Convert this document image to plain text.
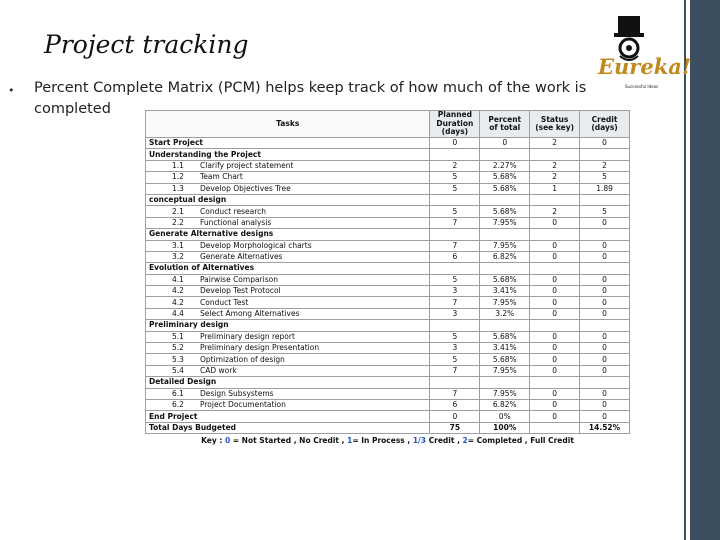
Project tracking
• Percent Complete Matrix (PCM) helps keep track of how much of the work is completed
Eureka!
Successful Ideas
Tasks	Planned Duration (days)	Percent of total	Status (see key)	Credit (days)
Start Project	0	0	2	0
Understanding the Project				
1.1 Clarify project statement	2	2.27%	2	2
1.2 Team Chart	5	5.68%	2	5
1.3 Develop Objectives Tree	5	5.68%	1	1.89
conceptual design				
2.1 Conduct research	5	5.68%	2	5
2.2 Functional analysis	7	7.95%	0	0
Generate Alternative designs				
3.1 Develop Morphological charts	7	7.95%	0	0
3.2 Generate Alternatives	6	6.82%	0	0
Evolution of Alternatives				
4.1 Pairwise Comparison	5	5.68%	0	0
4.2 Develop Test Protocol	3	3.41%	0	0
4.2 Conduct Test	7	7.95%	0	0
4.4 Select Among Alternatives	3	3.2%	0	0
Preliminary design				
5.1 Preliminary design report	5	5.68%	0	0
5.2 Preliminary design Presentation	3	3.41%	0	0
5.3 Optimization of design	5	5.68%	0	0
5.4 CAD work	7	7.95%	0	0
Detailed Design				
6.1 Design Subsystems	7	7.95%	0	0
6.2 Project Documentation	6	6.82%	0	0
End Project	0	0%	0	0
Total Days Budgeted	75	100%		14.52%
Key : 0 = Not Started , No Credit , 1= In Process , 1/3 Credit , 2= Completed , Full Credit				
